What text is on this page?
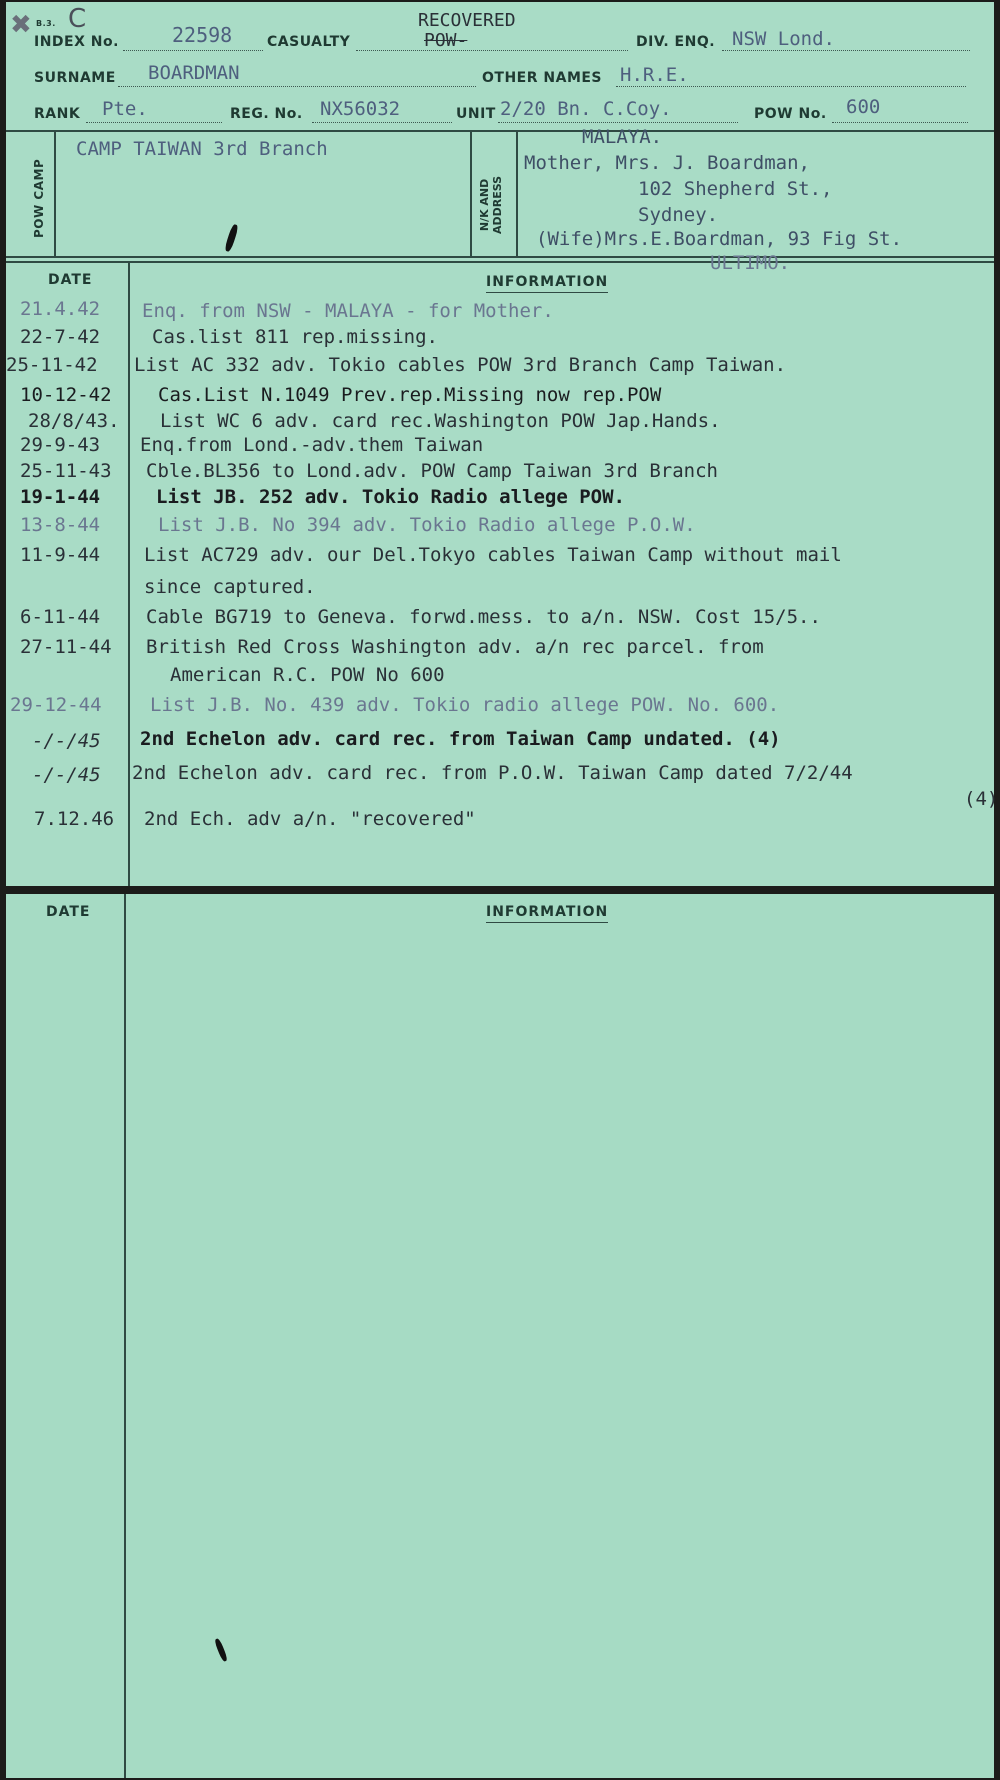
✖ B.3. C
INDEX No.	22598 CASUALTY
RECOVERED
POW-	DIV. ENQ. NSW Lond.
SURNAME BOARDMAN	OTHER NAMES H.R.E.
RANK Pte.	REG. No. NX56032	UNIT 2/20 Bn. C.Coy.	POW No. 600
POW CAMP
CAMP TAIWAN 3rd Branch
N/K AND ADDRESS
MALAYA.
Mother, Mrs. J. Boardman,
102 Shepherd St.,
Sydney.
(Wife)Mrs.E.Boardman, 93 Fig St.
ULTIMO.
DATE	INFORMATION
21.4.42 Enq. from NSW - MALAYA - for Mother.
22-7-42	Cas.list 811 rep.missing.
25-11-42 List AC 332 adv. Tokio cables POW 3rd Branch Camp Taiwan.
10-12-42 Cas.List N.1049 Prev.rep.Missing now rep.POW
28/8/43. List WC 6 adv. card rec.Washington POW Jap.Hands.
29-9-43 Enq.from Lond.-adv.them Taiwan
25-11-43 Cble.BL356 to Lond.adv. POW Camp Taiwan 3rd Branch
19-1-44	List JB. 252 adv. Tokio Radio allege POW.
13-8-44	List J.B. No 394 adv. Tokio Radio allege P.O.W.
11-9-44 List AC729 adv. our Del.Tokyo cables Taiwan Camp without mail
since captured.
6-11-44 Cable BG719 to Geneva. forwd.mess. to a/n. NSW. Cost 15/5..
27-11-44 British Red Cross Washington adv. a/n rec parcel. from
American R.C. POW No 600
29-12-44	List J.B. No. 439 adv. Tokio radio allege POW. No. 600.
-/-/45 2nd Echelon adv. card rec. from Taiwan Camp undated. (4)
-/-/45 2nd Echelon adv. card rec. from P.O.W. Taiwan Camp dated 7/2/44
(4)
7.12.46 2nd Ech. adv a/n. "recovered"
DATE	INFORMATION
